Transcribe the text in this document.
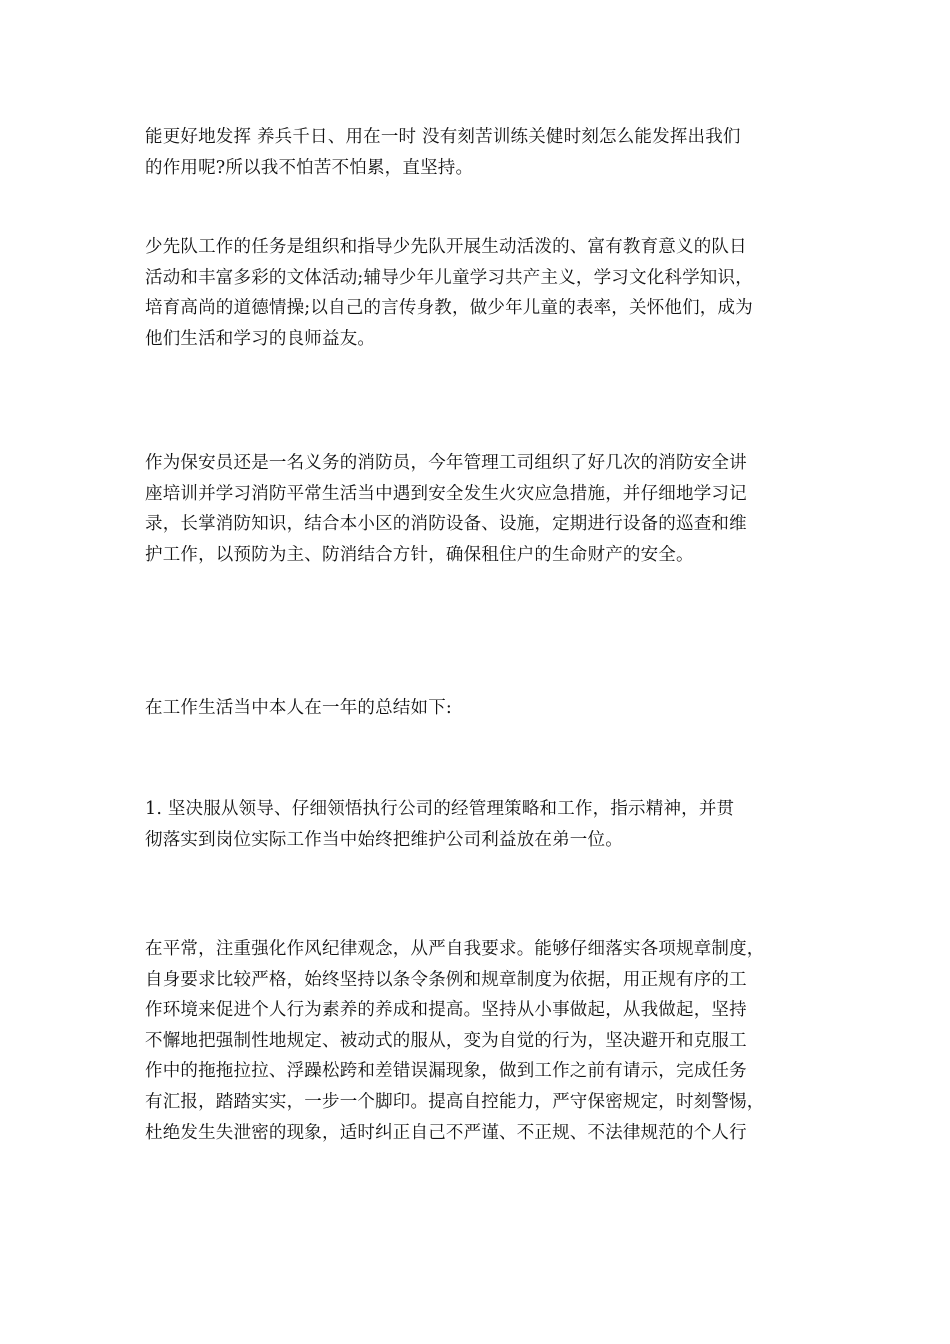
能更好地发挥 养兵千日、用在一时 没有刻苦训练关健时刻怎么能发挥出我们
的作用呢?所以我不怕苦不怕累，直坚持。
少先队工作的任务是组织和指导少先队开展生动活泼的、富有教育意义的队日
活动和丰富多彩的文体活动;辅导少年儿童学习共产主义，学习文化科学知识，
培育高尚的道德情操;以自己的言传身教，做少年儿童的表率，关怀他们，成为
他们生活和学习的良师益友。
作为保安员还是一名义务的消防员，今年管理工司组织了好几次的消防安全讲
座培训并学习消防平常生活当中遇到安全发生火灾应急措施，并仔细地学习记
录，长掌消防知识，结合本小区的消防设备、设施，定期进行设备的巡查和维
护工作，以预防为主、防消结合方针，确保租住户的生命财产的安全。
在工作生活当中本人在一年的总结如下:
1. 坚决服从领导、仔细领悟执行公司的经管理策略和工作，指示精神，并贯
彻落实到岗位实际工作当中始终把维护公司利益放在弟一位。
在平常，注重强化作风纪律观念，从严自我要求。能够仔细落实各项规章制度，
自身要求比较严格，始终坚持以条令条例和规章制度为依据，用正规有序的工
作环境来促进个人行为素养的养成和提高。坚持从小事做起，从我做起，坚持
不懈地把强制性地规定、被动式的服从，变为自觉的行为，坚决避开和克服工
作中的拖拖拉拉、浮躁松跨和差错误漏现象，做到工作之前有请示，完成任务
有汇报，踏踏实实，一步一个脚印。提高自控能力，严守保密规定，时刻警惕，
杜绝发生失泄密的现象，适时纠正自己不严谨、不正规、不法律规范的个人行
